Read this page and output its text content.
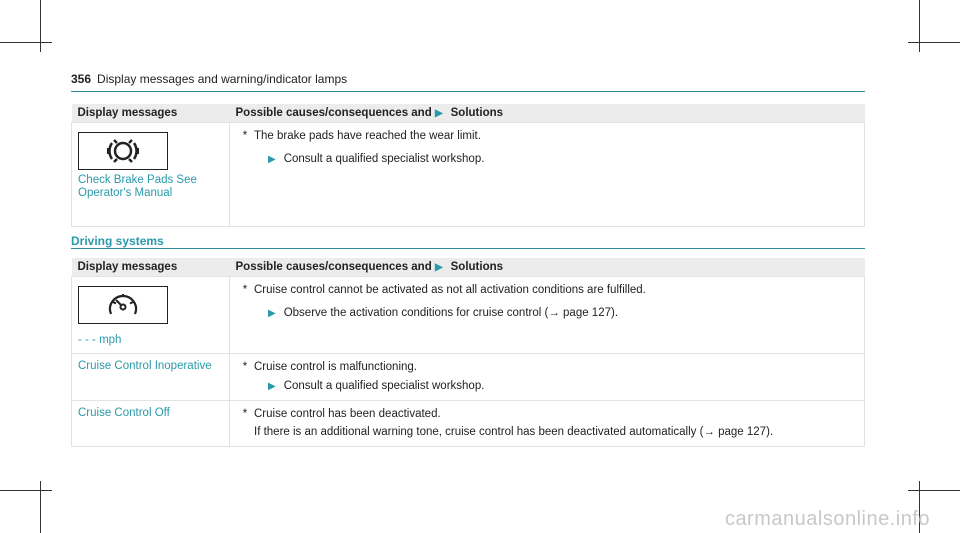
356 Display messages and warning/indicator lamps
Display messages	Possible causes/consequences and ▶ Solutions

Check Brake Pads See Operator's Manual	* The brake pads have reached the wear limit.
▶ Consult a qualified specialist workshop.
Driving systems
Display messages	Possible causes/consequences and ▶ Solutions

- - - mph	* Cruise control cannot be activated as not all activation conditions are fulfilled.
▶ Observe the activation conditions for cruise control (→ page 127).

Cruise Control Inoperative	* Cruise control is malfunctioning.
▶ Consult a qualified specialist workshop.

Cruise Control Off	* Cruise control has been deactivated.
If there is an additional warning tone, cruise control has been deactivated automatically (→ page 127).
carmanualsonline.info
